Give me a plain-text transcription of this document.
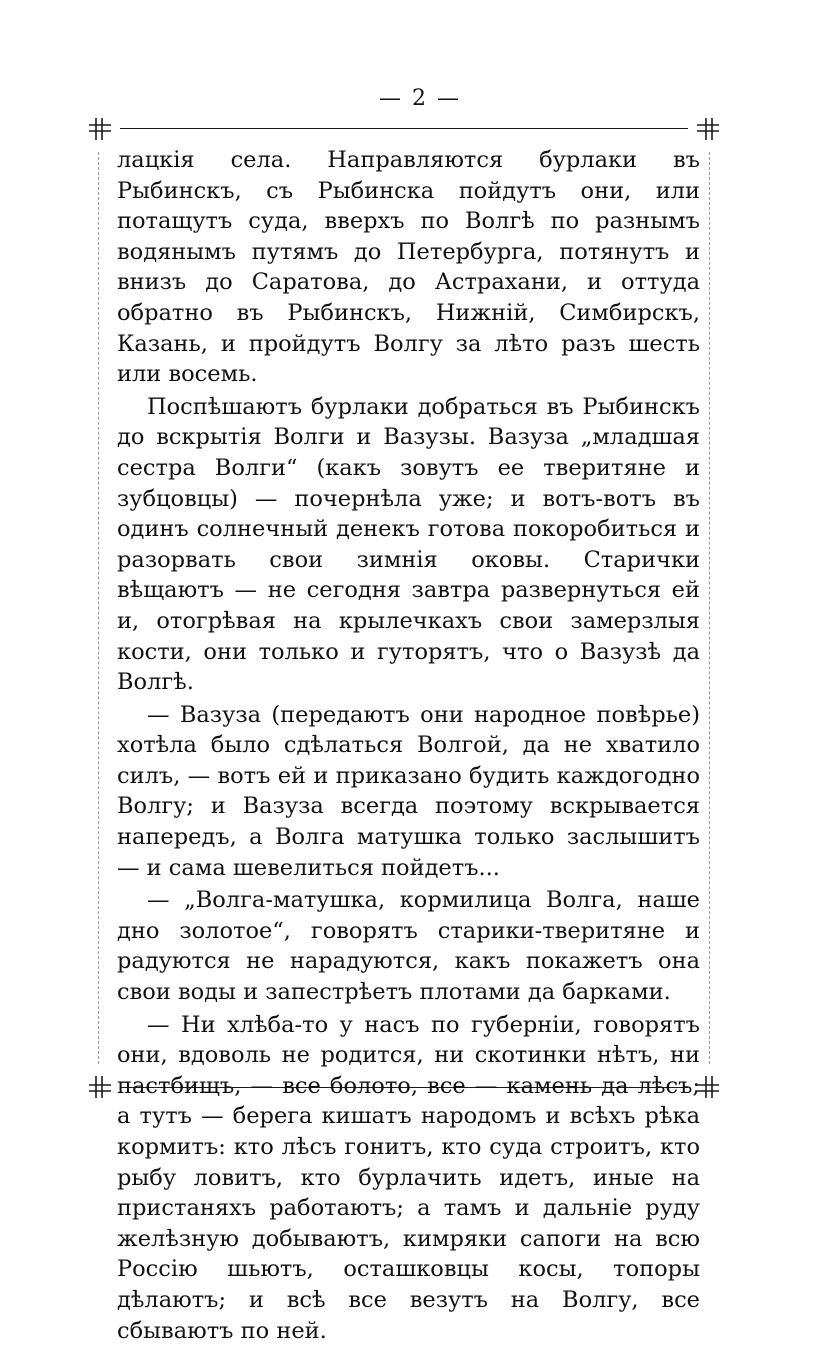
— 2 —

лацкія села. Направляются бурлаки въ Рыбинскъ, съ Рыбинска пойдутъ они, или потащутъ суда, вверхъ по Волгѣ по разнымъ водянымъ путямъ до Петербурга, потянутъ и внизъ до Саратова, до Астрахани, и оттуда обратно въ Рыбинскъ, Нижній, Симбирскъ, Казань, и пройдутъ Волгу за лѣто разъ шесть или восемь.

Поспѣшаютъ бурлаки добраться въ Рыбинскъ до вскрытія Волги и Вазузы. Вазуза „младшая сестра Волги“ (какъ зовутъ ее тверитяне и зубцовцы) — почернѣла уже; и вотъ-вотъ въ одинъ солнечный денекъ готова покоробиться и разорвать свои зимнія оковы. Старички вѣщаютъ — не сегодня завтра развернуться ей и, отогрѣвая на крылечкахъ свои замерзлыя кости, они только и гуторятъ, что о Вазузѣ да Волгѣ.

— Вазуза (передаютъ они народное повѣрье) хотѣла было сдѣлаться Волгой, да не хватило силъ, — вотъ ей и приказано будить каждогодно Волгу; и Вазуза всегда поэтому вскрывается напередъ, а Волга матушка только заслышитъ — и сама шевелиться пойдетъ...

— „Волга-матушка, кормилица Волга, наше дно золотое“, говорятъ старики-тверитяне и радуются не нарадуются, какъ покажетъ она свои воды и запестрѣетъ плотами да барками.

— Ни хлѣба-то у насъ по губерніи, говорятъ они, вдоволь не родится, ни скотинки нѣтъ, ни пастбищъ, — все болото, все — камень да лѣсъ; а тутъ — берега кишатъ народомъ и всѣхъ рѣка кормитъ: кто лѣсъ гонитъ, кто суда строитъ, кто рыбу ловитъ, кто бурлачить идетъ, иные на пристаняхъ работаютъ; а тамъ и дальніе руду желѣзную добываютъ, кимряки сапоги на всю Россію шьютъ, осташковцы косы, топоры дѣлаютъ; и всѣ все везутъ на Волгу, все сбываютъ по ней.
